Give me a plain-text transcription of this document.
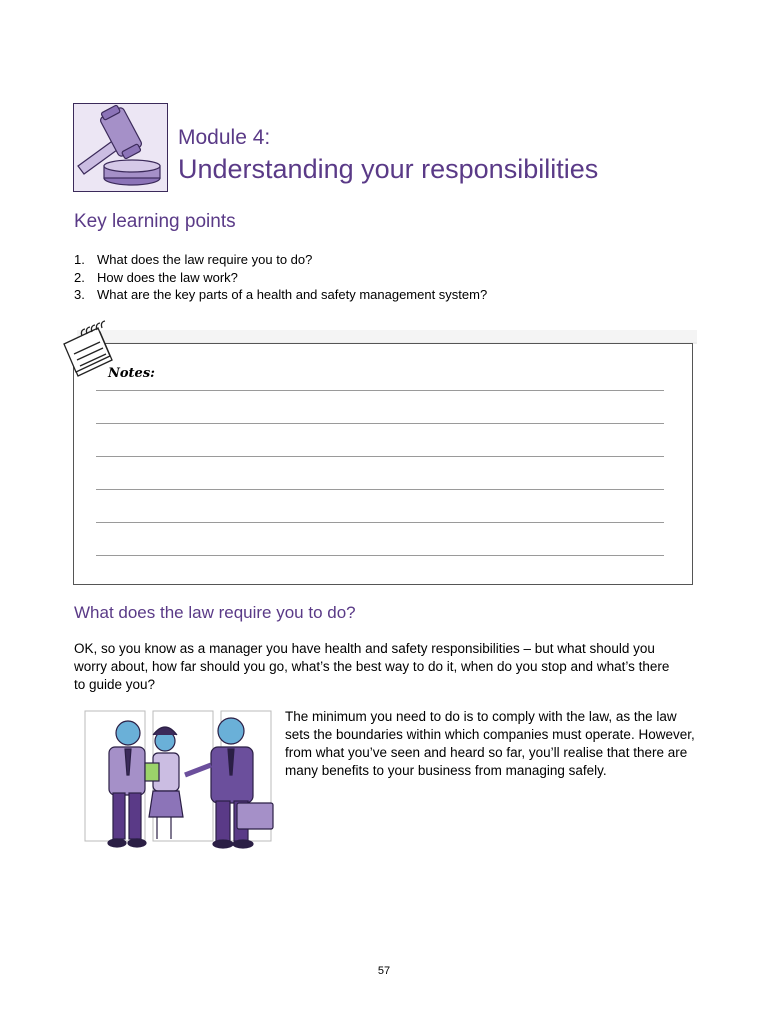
Module 4:
Understanding your responsibilities
Key learning points
1. What does the law require you to do?
2. How does the law work?
3. What are the key parts of a health and safety management system?
Notes:
What does the law require you to do?
OK, so you know as a manager you have health and safety responsibilities – but what should you worry about, how far should you go, what’s the best way to do it, when do you stop and what’s there to guide you?
The minimum you need to do is to comply with the law, as the law sets the boundaries within which companies must operate. However, from what you’ve seen and heard so far, you’ll realise that there are many benefits to your business from managing safely.
57
